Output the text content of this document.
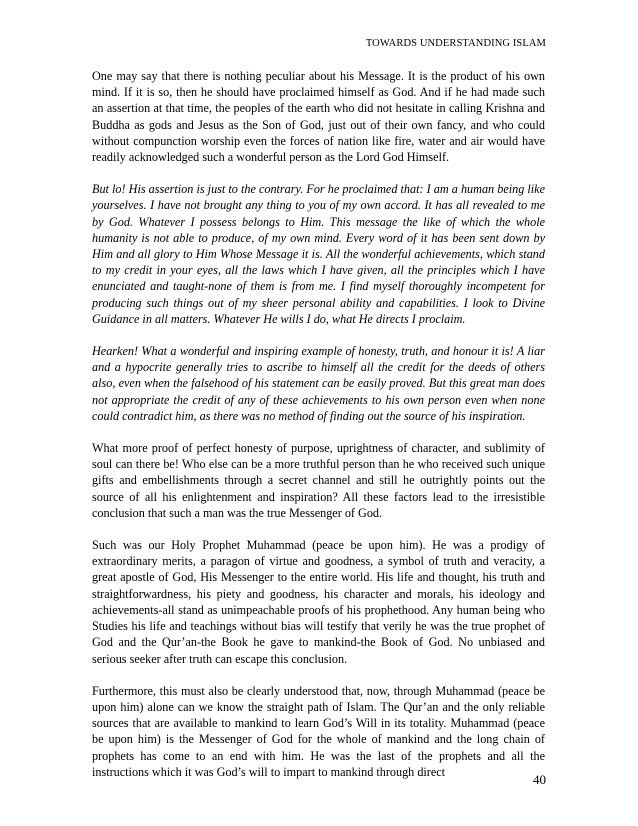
TOWARDS UNDERSTANDING ISLAM

One may say that there is nothing peculiar about his Message. It is the product of his own mind. If it is so, then he should have proclaimed himself as God. And if he had made such an assertion at that time, the peoples of the earth who did not hesitate in calling Krishna and Buddha as gods and Jesus as the Son of God, just out of their own fancy, and who could without compunction worship even the forces of nation like fire, water and air would have readily acknowledged such a wonderful person as the Lord God Himself.

But lo! His assertion is just to the contrary. For he proclaimed that: I am a human being like yourselves. I have not brought any thing to you of my own accord. It has all revealed to me by God. Whatever I possess belongs to Him. This message the like of which the whole humanity is not able to produce, of my own mind. Every word of it has been sent down by Him and all glory to Him Whose Message it is. All the wonderful achievements, which stand to my credit in your eyes, all the laws which I have given, all the principles which I have enunciated and taught-none of them is from me. I find myself thoroughly incompetent for producing such things out of my sheer personal ability and capabilities. I look to Divine Guidance in all matters. Whatever He wills I do, what He directs I proclaim.

Hearken! What a wonderful and inspiring example of honesty, truth, and honour it is! A liar and a hypocrite generally tries to ascribe to himself all the credit for the deeds of others also, even when the falsehood of his statement can be easily proved. But this great man does not appropriate the credit of any of these achievements to his own person even when none could contradict him, as there was no method of finding out the source of his inspiration.

What more proof of perfect honesty of purpose, uprightness of character, and sublimity of soul can there be! Who else can be a more truthful person than he who received such unique gifts and embellishments through a secret channel and still he outrightly points out the source of all his enlightenment and inspiration? All these factors lead to the irresistible conclusion that such a man was the true Messenger of God.

Such was our Holy Prophet Muhammad (peace be upon him). He was a prodigy of extraordinary merits, a paragon of virtue and goodness, a symbol of truth and veracity, a great apostle of God, His Messenger to the entire world. His life and thought, his truth and straightforwardness, his piety and goodness, his character and morals, his ideology and achievements-all stand as unimpeachable proofs of his prophethood. Any human being who Studies his life and teachings without bias will testify that verily he was the true prophet of God and the Qur’an-the Book he gave to mankind-the Book of God. No unbiased and serious seeker after truth can escape this conclusion.

Furthermore, this must also be clearly understood that, now, through Muhammad (peace be upon him) alone can we know the straight path of Islam. The Qur’an and the only reliable sources that are available to mankind to learn God’s Will in its totality. Muhammad (peace be upon him) is the Messenger of God for the whole of mankind and the long chain of prophets has come to an end with him. He was the last of the prophets and all the instructions which it was God’s will to impart to mankind through direct

40
